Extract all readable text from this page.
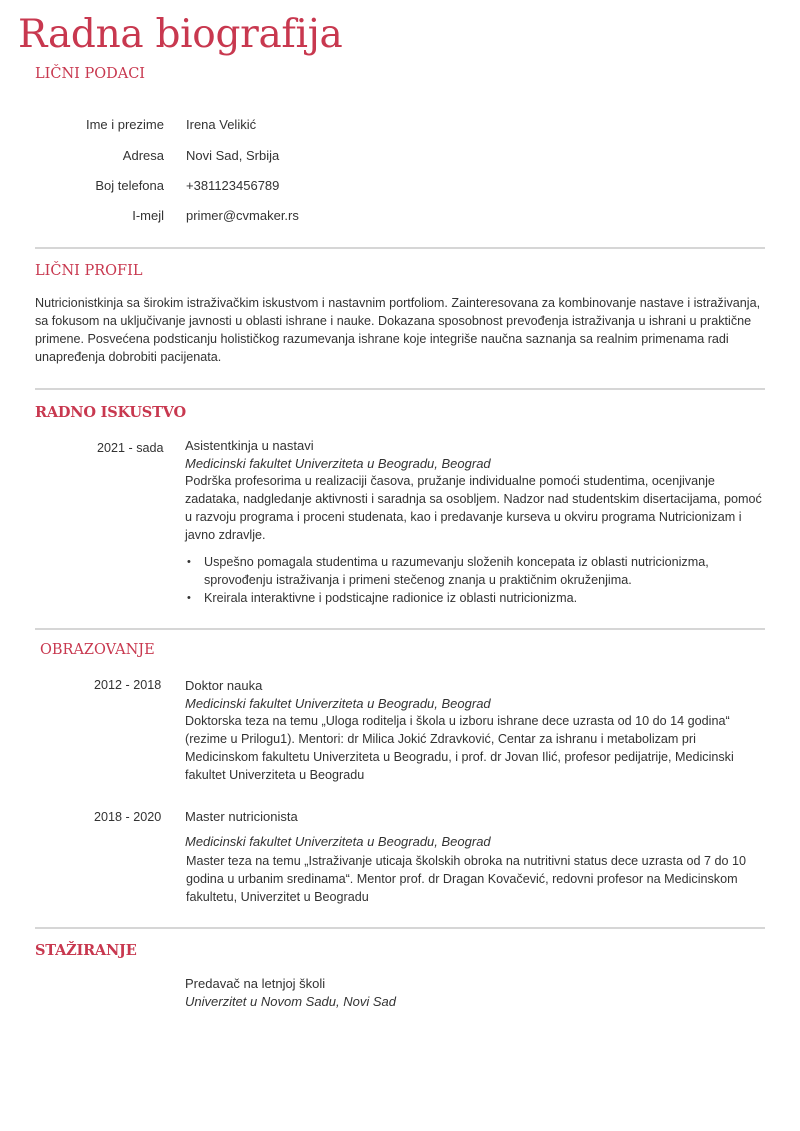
Radna biografija
LIČNI PODACI
Ime i prezime Irena Velikić
Adresa Novi Sad, Srbija
Boj telefona +381123456789
I-mejl primer@cvmaker.rs
LIČNI PROFIL

Nutricionistkinja sa širokim istraživačkim iskustvom i nastavnim portfoliom. Zainteresovana za kombinovanje nastave i istraživanja, sa fokusom na uključivanje javnosti u oblasti ishrane i nauke. Dokazana sposobnost prevođenja istraživanja u ishrani u praktične primene. Posvećena podsticanju holističkog razumevanja ishrane koje integriše naučna saznanja sa realnim primenama radi unapređenja dobrobiti pacijenata.

RADNO ISKUSTVO
2021 - sada Asistentkinja u nastavi
Medicinski fakultet Univerziteta u Beogradu, Beograd

Podrška profesorima u realizaciji časova, pružanje individualne pomoći studentima, ocenjivanje zadataka, nadgledanje aktivnosti i saradnja sa osobljem. Nadzor nad studentskim disertacijama, pomoć u razvoju programa i proceni studenata, kao i predavanje kurseva u okviru programa Nutricionizam i javno zdravlje.

• Uspešno pomagala studentima u razumevanju složenih koncepata iz oblasti nutricionizma, sprovođenju istraživanja i primeni stečenog znanja u praktičnim okruženjima.
• Kreirala interaktivne i podsticajne radionice iz oblasti nutricionizma.
OBRAZOVANJE
2012 - 2018 Doktor nauka
Medicinski fakultet Univerziteta u Beogradu, Beograd

Doktorska teza na temu „Uloga roditelja i škola u izboru ishrane dece uzrasta od 10 do 14 godina“ (rezime u Prilogu1). Mentori: dr Milica Jokić Zdravković, Centar za ishranu i metabolizam pri Medicinskom fakultetu Univerziteta u Beogradu, i prof. dr Jovan Ilić, profesor pedijatrije, Medicinski fakultet Univerziteta u Beogradu

2018 - 2020 Master nutricionista
Medicinski fakultet Univerziteta u Beogradu, Beograd

Master teza na temu „Istraživanje uticaja školskih obroka na nutritivni status dece uzrasta od 7 do 10 godina u urbanim sredinama“. Mentor prof. dr Dragan Kovačević, redovni profesor na Medicinskom fakultetu, Univerzitet u Beogradu

STAŽIRANJE
Predavač na letnjoj školi
Univerzitet u Novom Sadu, Novi Sad
